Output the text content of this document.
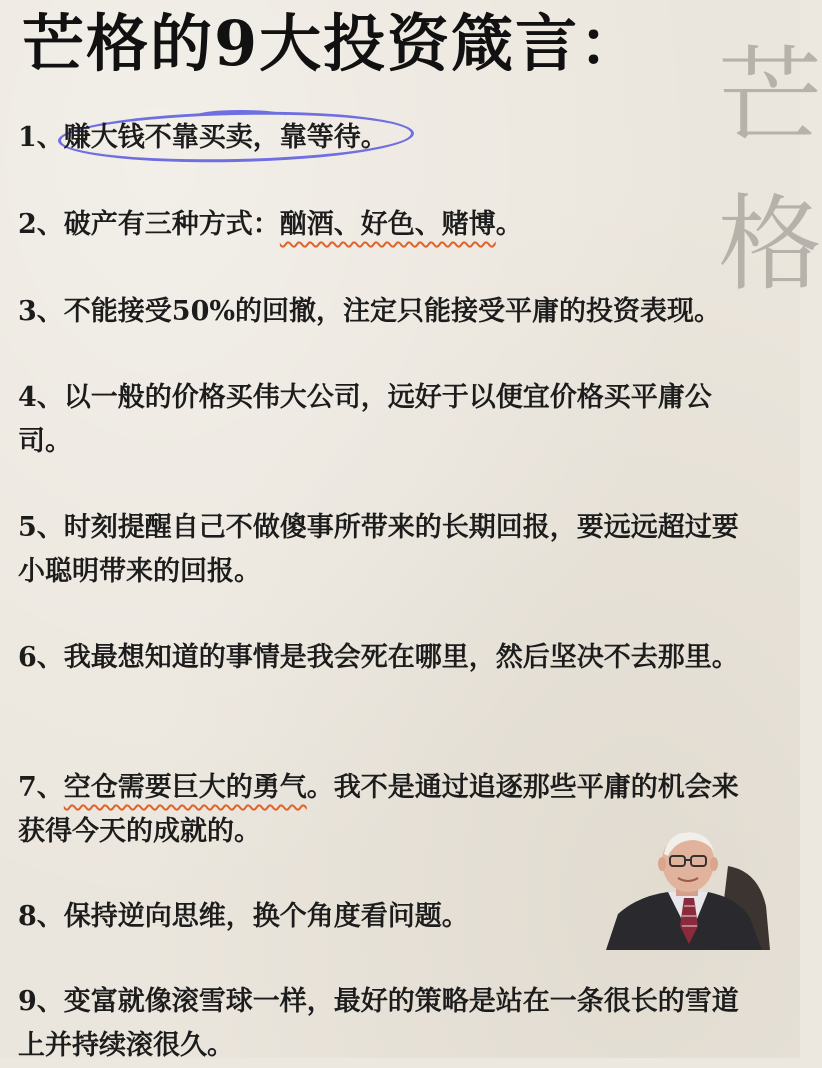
芒
格
芒格的9大投资箴言：

1、赚大钱不靠买卖，靠等待。

2、破产有三种方式：酗酒、好色、赌博。

3、不能接受50%的回撤，注定只能接受平庸的投资表现。

4、以一般的价格买伟大公司，远好于以便宜价格买平庸公司。

5、时刻提醒自己不做傻事所带来的长期回报，要远远超过要小聪明带来的回报。

6、我最想知道的事情是我会死在哪里，然后坚决不去那里。

7、空仓需要巨大的勇气。我不是通过追逐那些平庸的机会来获得今天的成就的。

8、保持逆向思维，换个角度看问题。

9、变富就像滚雪球一样，最好的策略是站在一条很长的雪道上并持续滚很久。
